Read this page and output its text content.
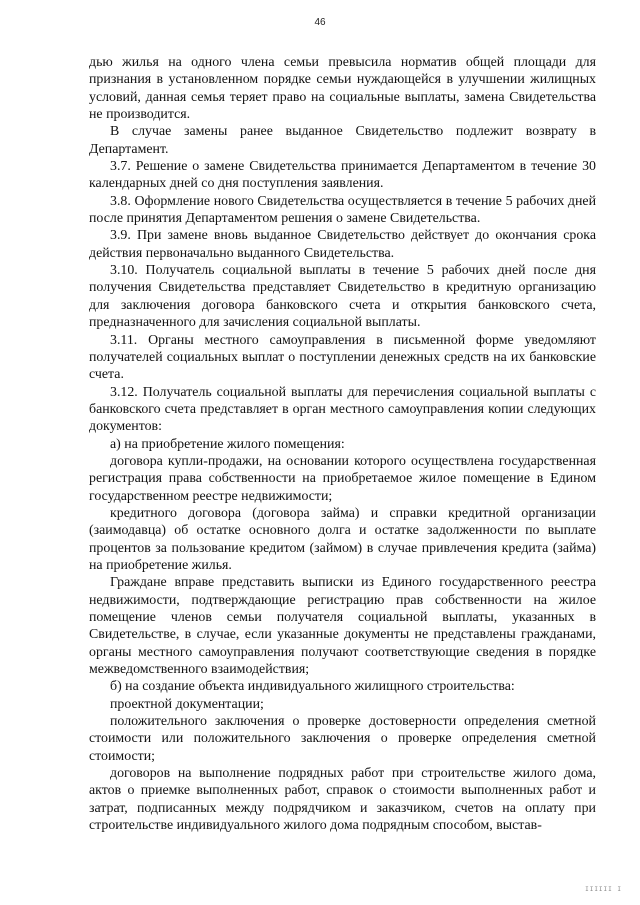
46

дью жилья на одного члена семьи превысила норматив общей площади для признания в установленном порядке семьи нуждающейся в улучшении жилищных условий, данная семья теряет право на социальные выплаты, замена Свидетельства не производится.

В случае замены ранее выданное Свидетельство подлежит возврату в Департамент.

3.7. Решение о замене Свидетельства принимается Департаментом в течение 30 календарных дней со дня поступления заявления.

3.8. Оформление нового Свидетельства осуществляется в течение 5 рабочих дней после принятия Департаментом решения о замене Свидетельства.

3.9. При замене вновь выданное Свидетельство действует до окончания срока действия первоначально выданного Свидетельства.

3.10. Получатель социальной выплаты в течение 5 рабочих дней после дня получения Свидетельства представляет Свидетельство в кредитную организацию для заключения договора банковского счета и открытия банковского счета, предназначенного для зачисления социальной выплаты.

3.11. Органы местного самоуправления в письменной форме уведомляют получателей социальных выплат о поступлении денежных средств на их банковские счета.

3.12. Получатель социальной выплаты для перечисления социальной выплаты с банковского счета представляет в орган местного самоуправления копии следующих документов:

а) на приобретение жилого помещения:

договора купли-продажи, на основании которого осуществлена государственная регистрация права собственности на приобретаемое жилое помещение в Едином государственном реестре недвижимости;

кредитного договора (договора займа) и справки кредитной организации (заимодавца) об остатке основного долга и остатке задолженности по выплате процентов за пользование кредитом (займом) в случае привлечения кредита (займа) на приобретение жилья.

Граждане вправе представить выписки из Единого государственного реестра недвижимости, подтверждающие регистрацию прав собственности на жилое помещение членов семьи получателя социальной выплаты, указанных в Свидетельстве, в случае, если указанные документы не представлены гражданами, органы местного самоуправления получают соответствующие сведения в порядке межведомственного взаимодействия;

б) на создание объекта индивидуального жилищного строительства:

проектной документации;

положительного заключения о проверке достоверности определения сметной стоимости или положительного заключения о проверке определения сметной стоимости;

договоров на выполнение подрядных работ при строительстве жилого дома, актов о приемке выполненных работ, справок о стоимости выполненных работ и затрат, подписанных между подрядчиком и заказчиком, счетов на оплату при строительстве индивидуального жилого дома подрядным способом, выстав-

IIIIII I
